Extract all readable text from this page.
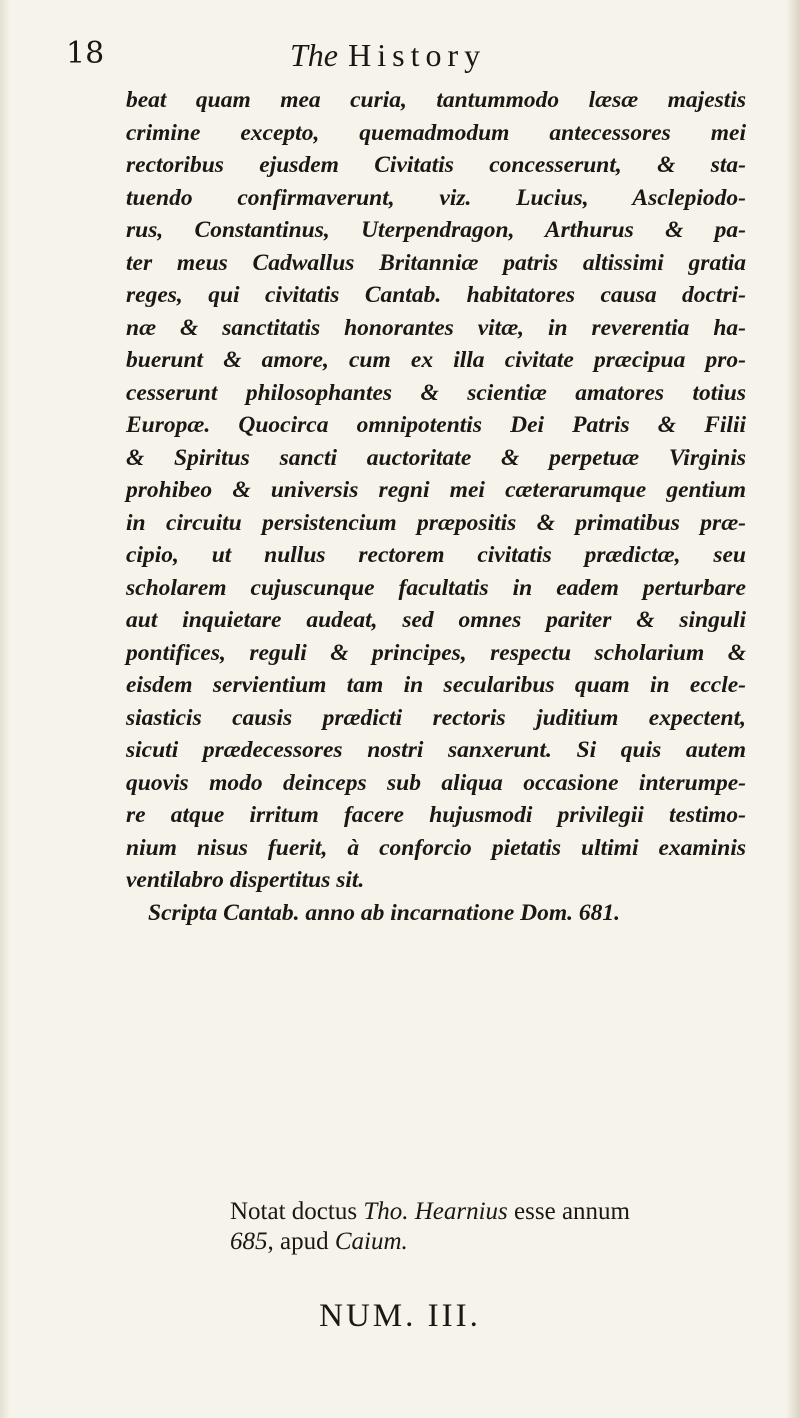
18	The History
beat quam mea curia, tantummodo læsæ majestis
crimine excepto, quemadmodum antecessores mei
rectoribus ejusdem Civitatis concesserunt, & sta-
tuendo confirmaverunt, viz. Lucius, Asclepiodo-
rus, Constantinus, Uterpendragon, Arthurus & pa-
ter meus Cadwallus Britanniæ patris altissimi gratia
reges, qui civitatis Cantab. habitatores causa doctri-
næ & sanctitatis honorantes vitæ, in reverentia ha-
buerunt & amore, cum ex illa civitate præcipua pro-
cesserunt philosophantes & scientiæ amatores totius
Europæ. Quocirca omnipotentis Dei Patris & Filii
& Spiritus sancti auctoritate & perpetuæ Virginis
prohibeo & universis regni mei cæterarumque gentium
in circuitu persistencium præpositis & primatibus præ-
cipio, ut nullus rectorem civitatis prædictæ, seu
scholarem cujuscunque facultatis in eadem perturbare
aut inquietare audeat, sed omnes pariter & singuli
pontifices, reguli & principes, respectu scholarium &
eisdem servientium tam in secularibus quam in eccle-
siasticis causis prædicti rectoris juditium expectent,
sicuti prædecessores nostri sanxerunt. Si quis autem
quovis modo deinceps sub aliqua occasione interumpe-
re atque irritum facere hujusmodi privilegii testimo-
nium nisus fuerit, à conforcio pietatis ultimi examinis
ventilabro dispertitus sit.
Scripta Cantab. anno ab incarnatione Dom. 681.
Notat doctus Tho. Hearnius esse annum
685, apud Caium.
NUM. III.
